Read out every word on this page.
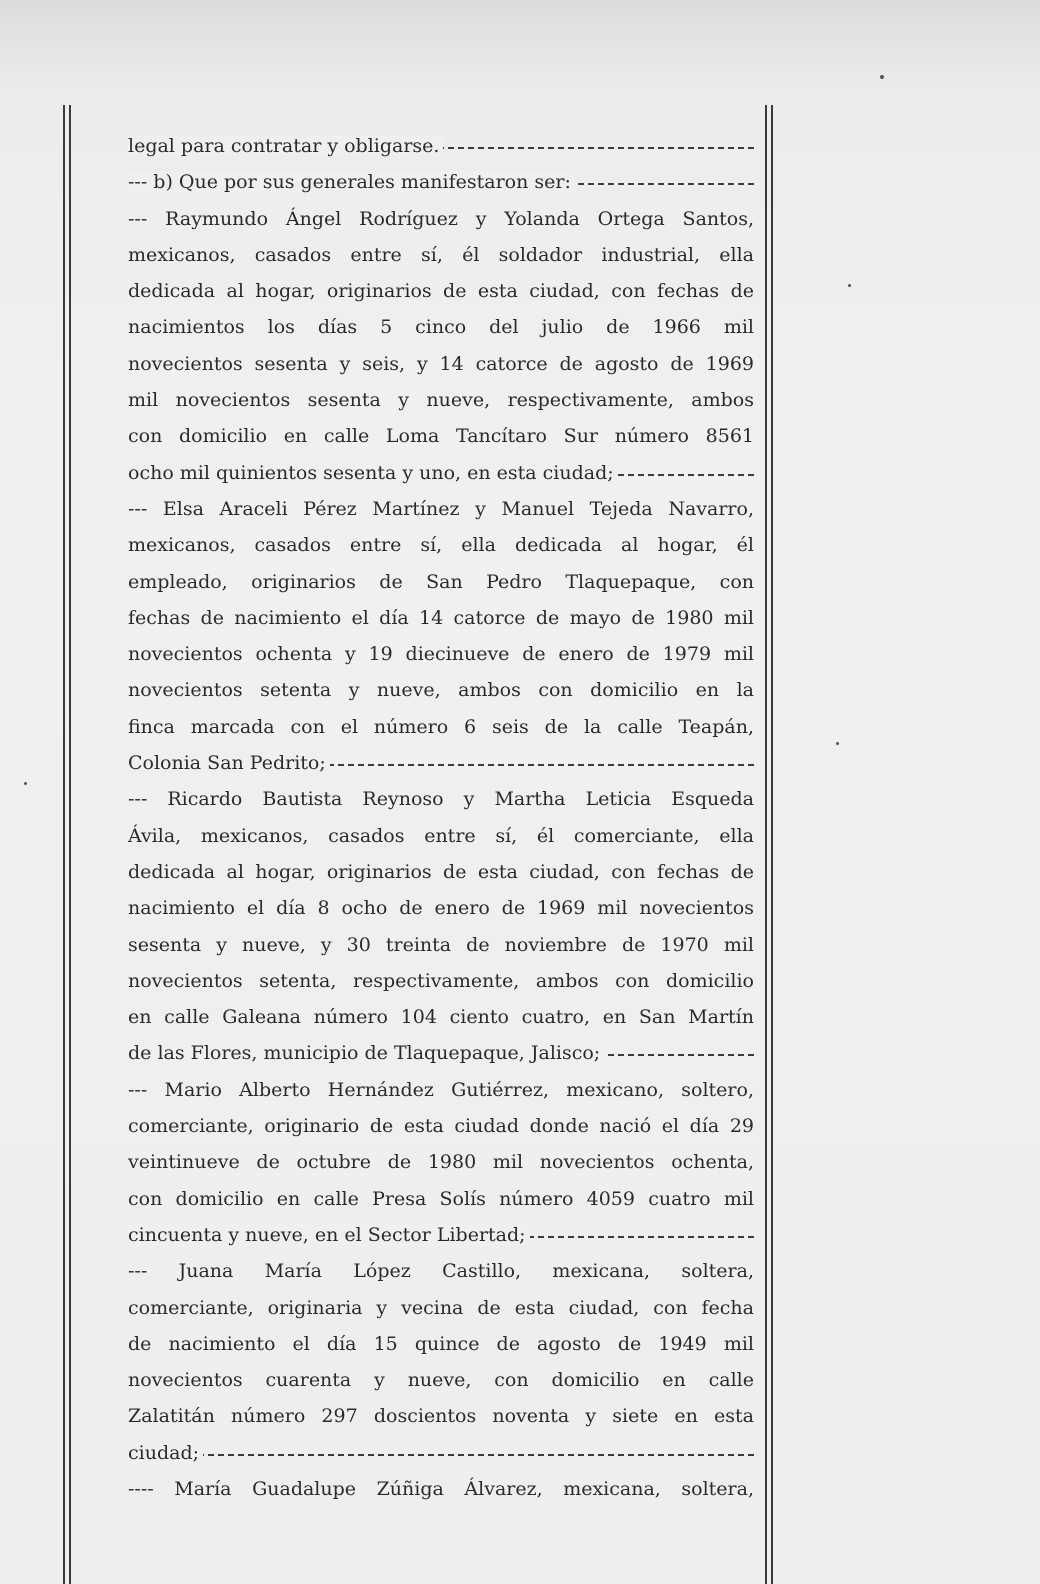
legal para contratar y obligarse.
--- b) Que por sus generales manifestaron ser:
--- Raymundo Ángel Rodríguez y Yolanda Ortega Santos,
mexicanos, casados entre sí, él soldador industrial, ella
dedicada al hogar, originarios de esta ciudad, con fechas de
nacimientos los días 5 cinco del julio de 1966 mil
novecientos sesenta y seis, y 14 catorce de agosto de 1969
mil novecientos sesenta y nueve, respectivamente, ambos
con domicilio en calle Loma Tancítaro Sur número 8561
ocho mil quinientos sesenta y uno, en esta ciudad;
--- Elsa Araceli Pérez Martínez y Manuel Tejeda Navarro,
mexicanos, casados entre sí, ella dedicada al hogar, él
empleado, originarios de San Pedro Tlaquepaque, con
fechas de nacimiento el día 14 catorce de mayo de 1980 mil
novecientos ochenta y 19 diecinueve de enero de 1979 mil
novecientos setenta y nueve, ambos con domicilio en la
finca marcada con el número 6 seis de la calle Teapán,
Colonia San Pedrito;
--- Ricardo Bautista Reynoso y Martha Leticia Esqueda
Ávila, mexicanos, casados entre sí, él comerciante, ella
dedicada al hogar, originarios de esta ciudad, con fechas de
nacimiento el día 8 ocho de enero de 1969 mil novecientos
sesenta y nueve, y 30 treinta de noviembre de 1970 mil
novecientos setenta, respectivamente, ambos con domicilio
en calle Galeana número 104 ciento cuatro, en San Martín
de las Flores, municipio de Tlaquepaque, Jalisco;
--- Mario Alberto Hernández Gutiérrez, mexicano, soltero,
comerciante, originario de esta ciudad donde nació el día 29
veintinueve de octubre de 1980 mil novecientos ochenta,
con domicilio en calle Presa Solís número 4059 cuatro mil
cincuenta y nueve, en el Sector Libertad;
--- Juana María López Castillo, mexicana, soltera,
comerciante, originaria y vecina de esta ciudad, con fecha
de nacimiento el día 15 quince de agosto de 1949 mil
novecientos cuarenta y nueve, con domicilio en calle
Zalatitán número 297 doscientos noventa y siete en esta
ciudad;
---- María Guadalupe Zúñiga Álvarez, mexicana, soltera,
